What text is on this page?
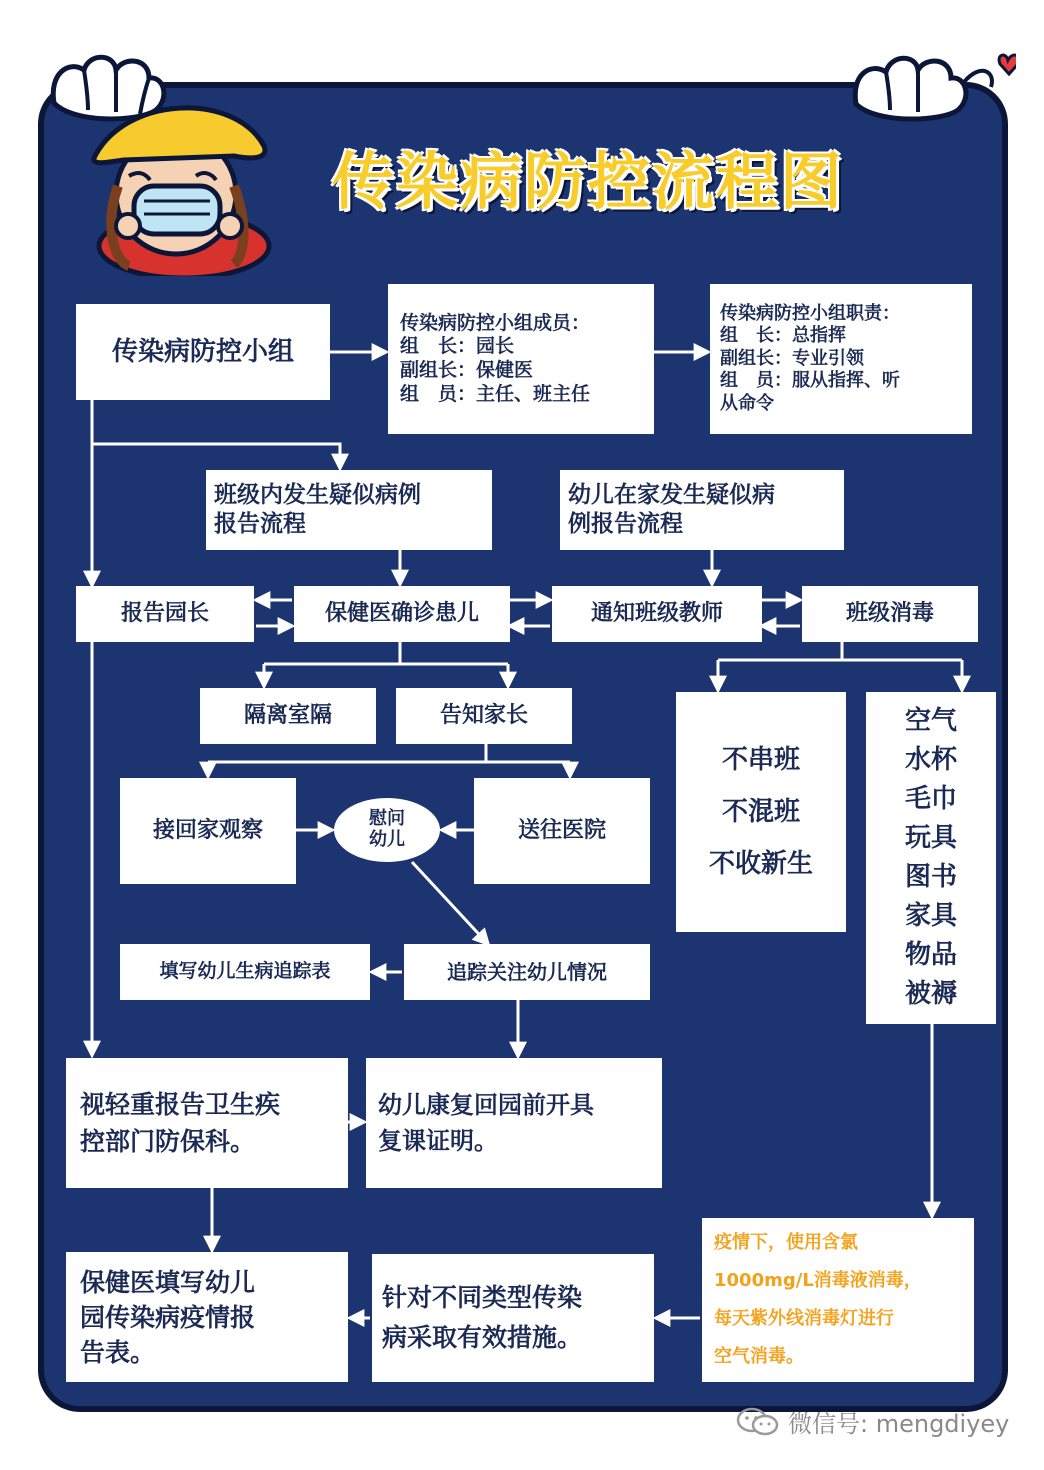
传染病防控流程图
传染病防控小组
传染病防控小组成员：
组　长：园长
副组长：保健医
组　员：主任、班主任
传染病防控小组职责：
组　长：总指挥
副组长：专业引领
组　员：服从指挥、听
从命令
班级内发生疑似病例
报告流程
幼儿在家发生疑似病
例报告流程
报告园长	保健医确诊患儿	通知班级教师	班级消毒
隔离室隔	告知家长
不串班
不混班
不收新生
空气
水杯
毛巾
玩具
图书
家具
物品
被褥
接回家观察	慰问
幼儿	送往医院
填写幼儿生病追踪表	追踪关注幼儿情况
视轻重报告卫生疾
控部门防保科。
幼儿康复回园前开具
复课证明。
保健医填写幼儿
园传染病疫情报
告表。
针对不同类型传染
病采取有效措施。
疫情下，使用含氯
1000mg/L消毒液消毒，
每天紫外线消毒灯进行
空气消毒。
微信号: mengdiyey
